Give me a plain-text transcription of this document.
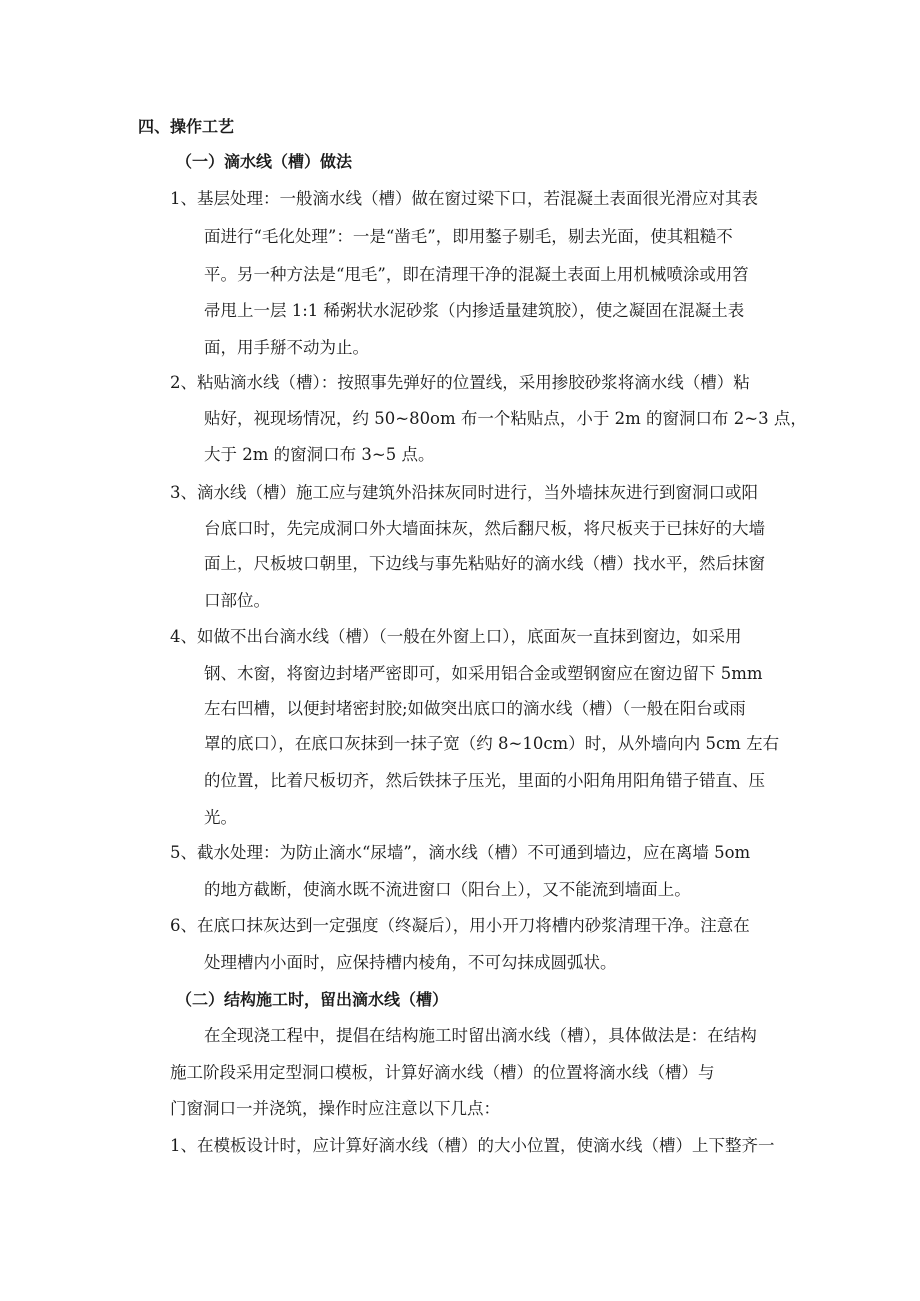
四、操作工艺
（一）滴水线（槽）做法
1、基层处理：一般滴水线（槽）做在窗过梁下口，若混凝土表面很光滑应对其表
面进行“毛化处理”：一是“凿毛”，即用鏊子剔毛，剔去光面，使其粗糙不
平。另一种方法是“甩毛”，即在清理干净的混凝土表面上用机械喷涂或用笤
帚甩上一层 1:1 稀粥状水泥砂浆（内掺适量建筑胶），使之凝固在混凝土表
面，用手掰不动为止。
2、粘贴滴水线（槽）：按照事先弹好的位置线，采用掺胶砂浆将滴水线（槽）粘
贴好，视现场情况，约 50~80om 布一个粘贴点，小于 2m 的窗洞口布 2~3 点，
大于 2m 的窗洞口布 3~5 点。
3、滴水线（槽）施工应与建筑外沿抹灰同时进行，当外墙抹灰进行到窗洞口或阳
台底口时，先完成洞口外大墙面抹灰，然后翻尺板，将尺板夹于已抹好的大墙
面上，尺板坡口朝里，下边线与事先粘贴好的滴水线（槽）找水平，然后抹窗
口部位。
4、如做不出台滴水线（槽）（一般在外窗上口），底面灰一直抹到窗边，如采用
钢、木窗，将窗边封堵严密即可，如采用铝合金或塑钢窗应在窗边留下 5mm
左右凹槽，以便封堵密封胶;如做突出底口的滴水线（槽）（一般在阳台或雨
罩的底口），在底口灰抹到一抹子宽（约 8~10cm）时，从外墙向内 5cm 左右
的位置，比着尺板切齐，然后铁抹子压光，里面的小阳角用阳角错子错直、压
光。
5、截水处理：为防止滴水“尿墙”，滴水线（槽）不可通到墙边，应在离墙 5om
的地方截断，使滴水既不流进窗口（阳台上），又不能流到墙面上。
6、在底口抹灰达到一定强度（终凝后），用小开刀将槽内砂浆清理干净。注意在
处理槽内小面时，应保持槽内棱角，不可勾抹成圆弧状。
（二）结构施工时，留出滴水线（槽）
在全现浇工程中，提倡在结构施工时留出滴水线（槽），具体做法是：在结构
施工阶段采用定型洞口模板，计算好滴水线（槽）的位置将滴水线（槽）与
门窗洞口一并浇筑，操作时应注意以下几点：
1、在模板设计时，应计算好滴水线（槽）的大小位置，使滴水线（槽）上下整齐一
